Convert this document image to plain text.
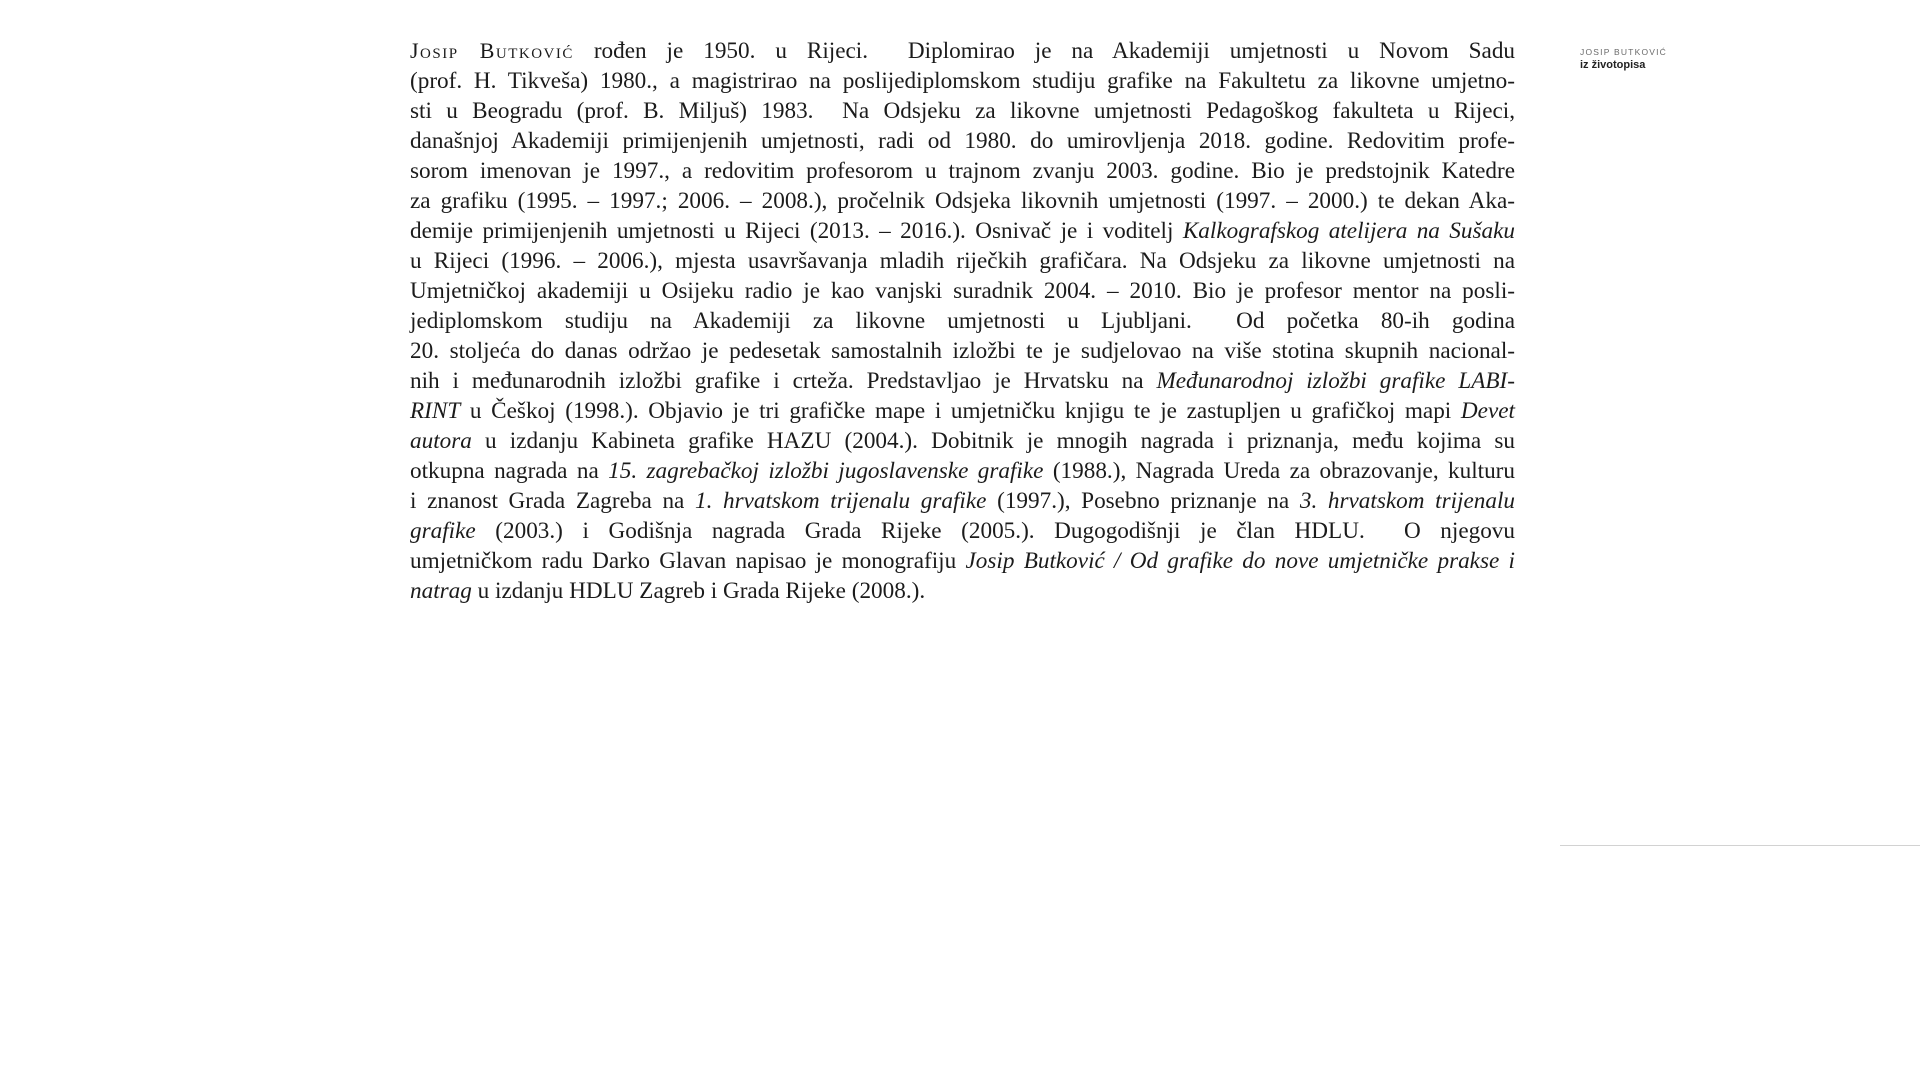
Josip Butković rođen je 1950. u Rijeci. Diplomirao je na Akademiji umjetnosti u Novom Sadu
(prof. H. Tikveša) 1980., a magistrirao na poslijediplomskom studiju grafike na Fakultetu za likovne umjetno-
sti u Beogradu (prof. B. Miljuš) 1983. Na Odsjeku za likovne umjetnosti Pedagoškog fakulteta u Rijeci,
današnjoj Akademiji primijenjenih umjetnosti, radi od 1980. do umirovljenja 2018. godine. Redovitim profe-
sorom imenovan je 1997., a redovitim profesorom u trajnom zvanju 2003. godine. Bio je predstojnik Katedre
za grafiku (1995. – 1997.; 2006. – 2008.), pročelnik Odsjeka likovnih umjetnosti (1997. – 2000.) te dekan Aka-
demije primijenjenih umjetnosti u Rijeci (2013. – 2016.). Osnivač je i voditelj Kalkografskog atelijera na Sušaku
u Rijeci (1996. – 2006.), mjesta usavršavanja mladih riječkih grafičara. Na Odsjeku za likovne umjetnosti na
Umjetničkoj akademiji u Osijeku radio je kao vanjski suradnik 2004. – 2010. Bio je profesor mentor na posli-
jediplomskom studiju na Akademiji za likovne umjetnosti u Ljubljani. Od početka 80-ih godina
20. stoljeća do danas održao je pedesetak samostalnih izložbi te je sudjelovao na više stotina skupnih nacional-
nih i međunarodnih izložbi grafike i crteža. Predstavljao je Hrvatsku na Međunarodnoj izložbi grafike LABI-
RINT u Češkoj (1998.). Objavio je tri grafičke mape i umjetničku knjigu te je zastupljen u grafičkoj mapi Devet
autora u izdanju Kabineta grafike HAZU (2004.). Dobitnik je mnogih nagrada i priznanja, među kojima su
otkupna nagrada na 15. zagrebačkoj izložbi jugoslavenske grafike (1988.), Nagrada Ureda za obrazovanje, kulturu
i znanost Grada Zagreba na 1. hrvatskom trijenalu grafike (1997.), Posebno priznanje na 3. hrvatskom trijenalu
grafike (2003.) i Godišnja nagrada Grada Rijeke (2005.). Dugogodišnji je član HDLU. O njegovu
umjetničkom radu Darko Glavan napisao je monografiju Josip Butković / Od grafike do nove umjetničke prakse i
natrag u izdanju HDLU Zagreb i Grada Rijeke (2008.).
JOSIP BUTKOVIĆ
iz životopisa
